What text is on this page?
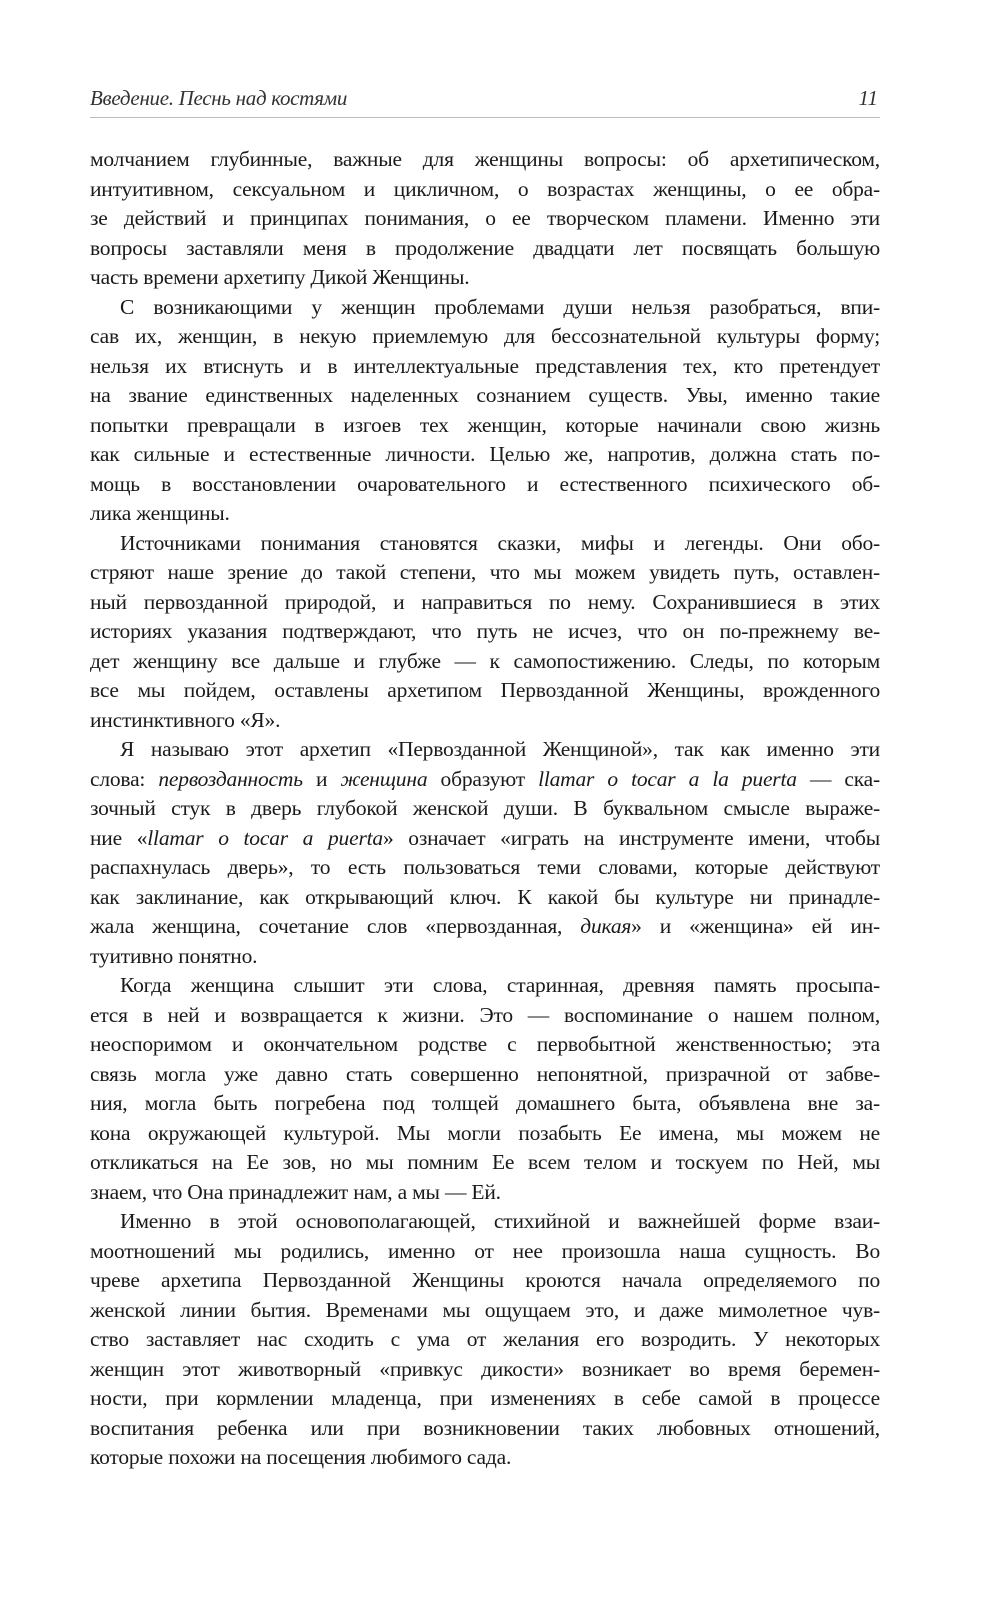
Введение. Песнь над костями	11
молчанием глубинные, важные для женщины вопросы: об архетипическом,
интуитивном, сексуальном и цикличном, о возрастах женщины, о ее обра-
зе действий и принципах понимания, о ее творческом пламени. Именно эти
вопросы заставляли меня в продолжение двадцати лет посвящать большую
часть времени архетипу Дикой Женщины.
С возникающими у женщин проблемами души нельзя разобраться, впи-
сав их, женщин, в некую приемлемую для бессознательной культуры форму;
нельзя их втиснуть и в интеллектуальные представления тех, кто претендует
на звание единственных наделенных сознанием существ. Увы, именно такие
попытки превращали в изгоев тех женщин, которые начинали свою жизнь
как сильные и естественные личности. Целью же, напротив, должна стать по-
мощь в восстановлении очаровательного и естественного психического об-
лика женщины.
Источниками понимания становятся сказки, мифы и легенды. Они обо-
стряют наше зрение до такой степени, что мы можем увидеть путь, оставлен-
ный первозданной природой, и направиться по нему. Сохранившиеся в этих
историях указания подтверждают, что путь не исчез, что он по-прежнему ве-
дет женщину все дальше и глубже — к самопостижению. Следы, по которым
все мы пойдем, оставлены архетипом Первозданной Женщины, врожденного
инстинктивного «Я».
Я называю этот архетип «Первозданной Женщиной», так как именно эти
слова: первозданность и женщина образуют llamar o tocar a la puerta — ска-
зочный стук в дверь глубокой женской души. В буквальном смысле выраже-
ние «llamar o tocar a puerta» означает «играть на инструменте имени, чтобы
распахнулась дверь», то есть пользоваться теми словами, которые действуют
как заклинание, как открывающий ключ. К какой бы культуре ни принадле-
жала женщина, сочетание слов «первозданная, дикая» и «женщина» ей ин-
туитивно понятно.
Когда женщина слышит эти слова, старинная, древняя память просыпа-
ется в ней и возвращается к жизни. Это — воспоминание о нашем полном,
неоспоримом и окончательном родстве с первобытной женственностью; эта
связь могла уже давно стать совершенно непонятной, призрачной от забве-
ния, могла быть погребена под толщей домашнего быта, объявлена вне за-
кона окружающей культурой. Мы могли позабыть Ее имена, мы можем не
откликаться на Ее зов, но мы помним Ее всем телом и тоскуем по Ней, мы
знаем, что Она принадлежит нам, а мы — Ей.
Именно в этой основополагающей, стихийной и важнейшей форме взаи-
моотношений мы родились, именно от нее произошла наша сущность. Во
чреве архетипа Первозданной Женщины кроются начала определяемого по
женской линии бытия. Временами мы ощущаем это, и даже мимолетное чув-
ство заставляет нас сходить с ума от желания его возродить. У некоторых
женщин этот животворный «привкус дикости» возникает во время беремен-
ности, при кормлении младенца, при изменениях в себе самой в процессе
воспитания ребенка или при возникновении таких любовных отношений,
которые похожи на посещения любимого сада.
